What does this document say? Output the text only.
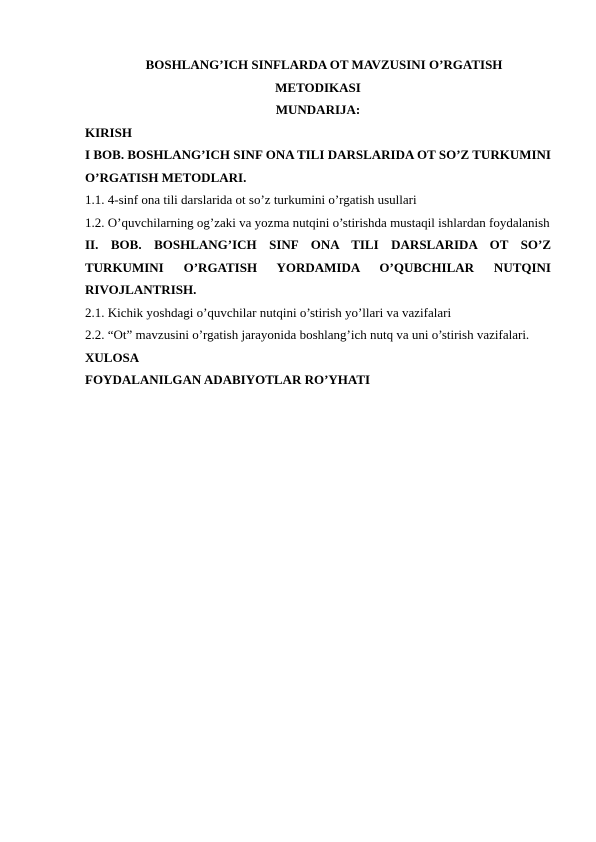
BOSHLANG’ICH SINFLARDA OT MAVZUSINI O’RGATISH

METODIKASI

MUNDARIJA:

KIRISH

I BOB. BOSHLANG’ICH SINF ONA TILI DARSLARIDA OT SO’Z TURKUMINI O’RGATISH METODLARI.

1.1. 4-sinf ona tili darslarida ot so’z turkumini o’rgatish usullari

1.2. O’quvchilarning og’zaki va yozma nutqini o’stirishda mustaqil ishlardan foydalanish

II. BOB. BOSHLANG’ICH SINF ONA TILI DARSLARIDA OT SO’Z TURKUMINI O’RGATISH YORDAMIDA O’QUBCHILAR NUTQINI RIVOJLANTRISH.

2.1. Kichik yoshdagi o’quvchilar nutqini o’stirish yo’llari va vazifalari

2.2. “Ot” mavzusini o’rgatish jarayonida boshlang’ich nutq va uni o’stirish vazifalari.

XULOSA

FOYDALANILGAN ADABIYOTLAR RO’YHATI
